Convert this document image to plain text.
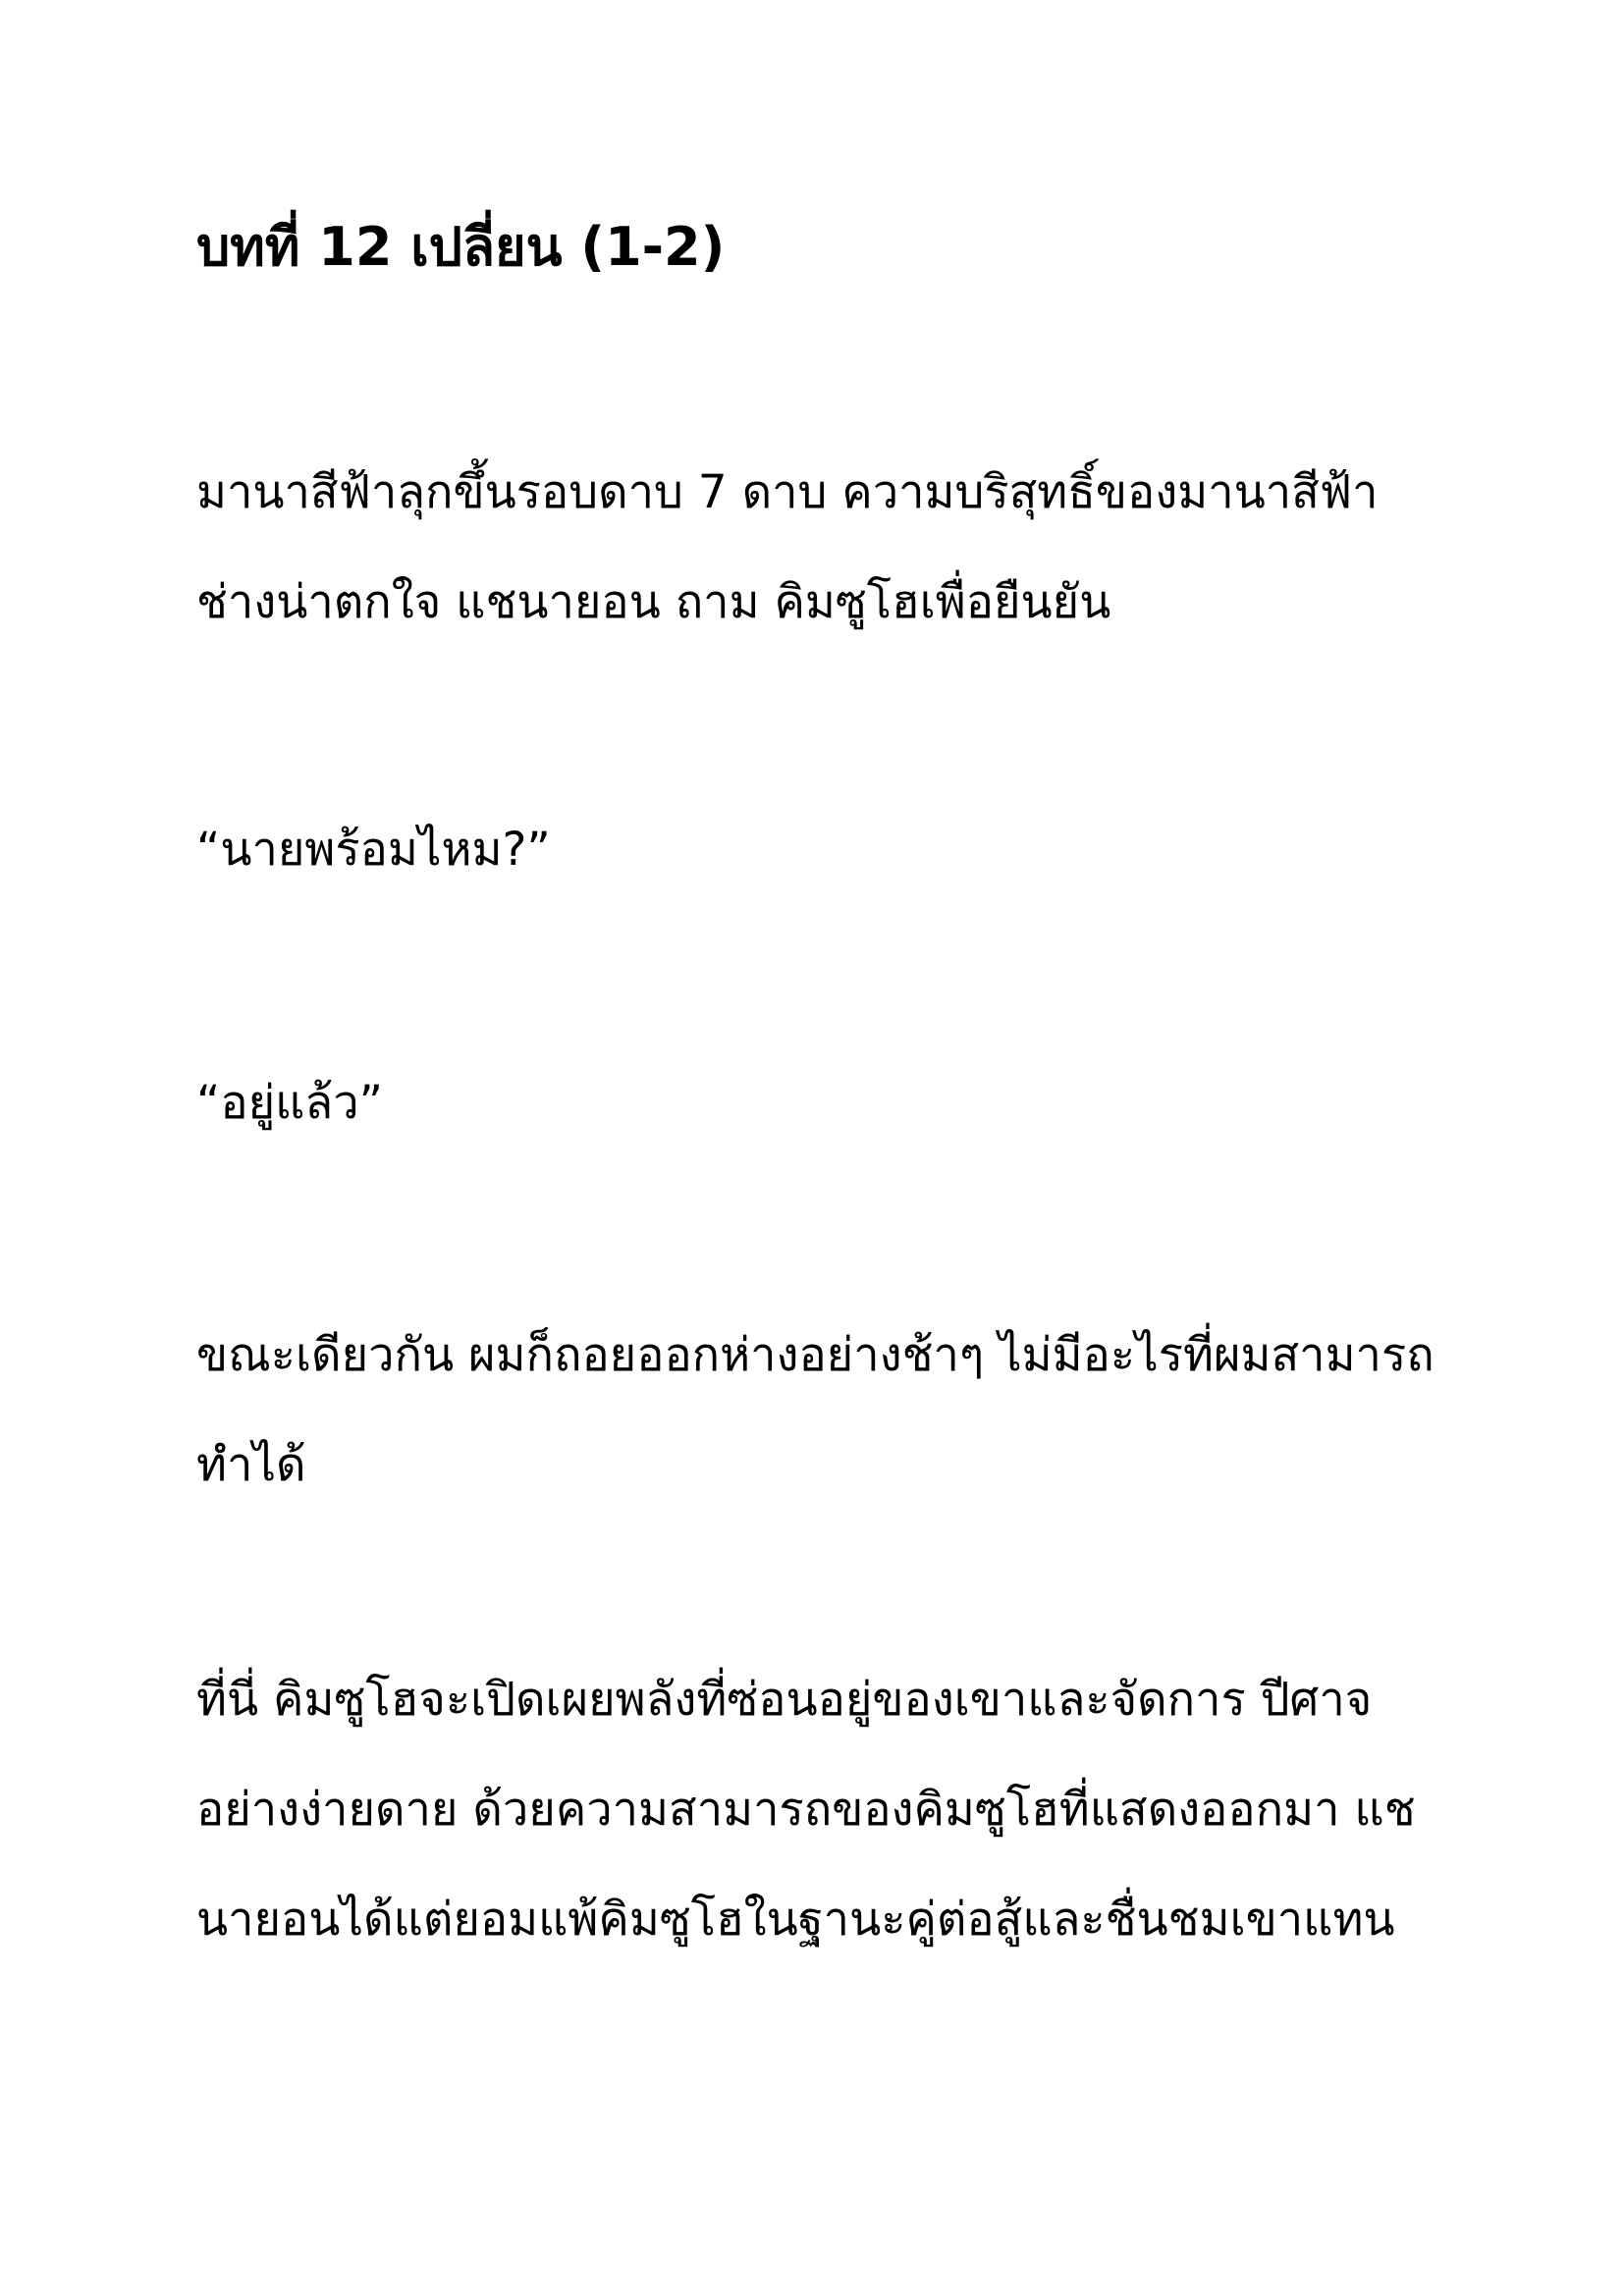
บทที่ 12 เปลี่ยน (1-2)
มานาสีฟ้าลุกขึ้นรอบดาบ 7 ดาบ ความบริสุทธิ์ของมานาสีฟ้า
ช่างน่าตกใจ แชนายอน ถาม คิมซูโฮเพื่อยืนยัน
“นายพร้อมไหม?”
“อยู่แล้ว”
ขณะเดียวกัน ผมก็ถอยออกห่างอย่างช้าๆ ไม่มีอะไรที่ผมสามารถ
ทำได้
ที่นี่ คิมซูโฮจะเปิดเผยพลังที่ซ่อนอยู่ของเขาและจัดการ ปีศาจ
อย่างง่ายดาย ด้วยความสามารถของคิมซูโฮที่แสดงออกมา แช
นายอนได้แต่ยอมแพ้คิมซูโฮในฐานะคู่ต่อสู้และชื่นชมเขาแทน
